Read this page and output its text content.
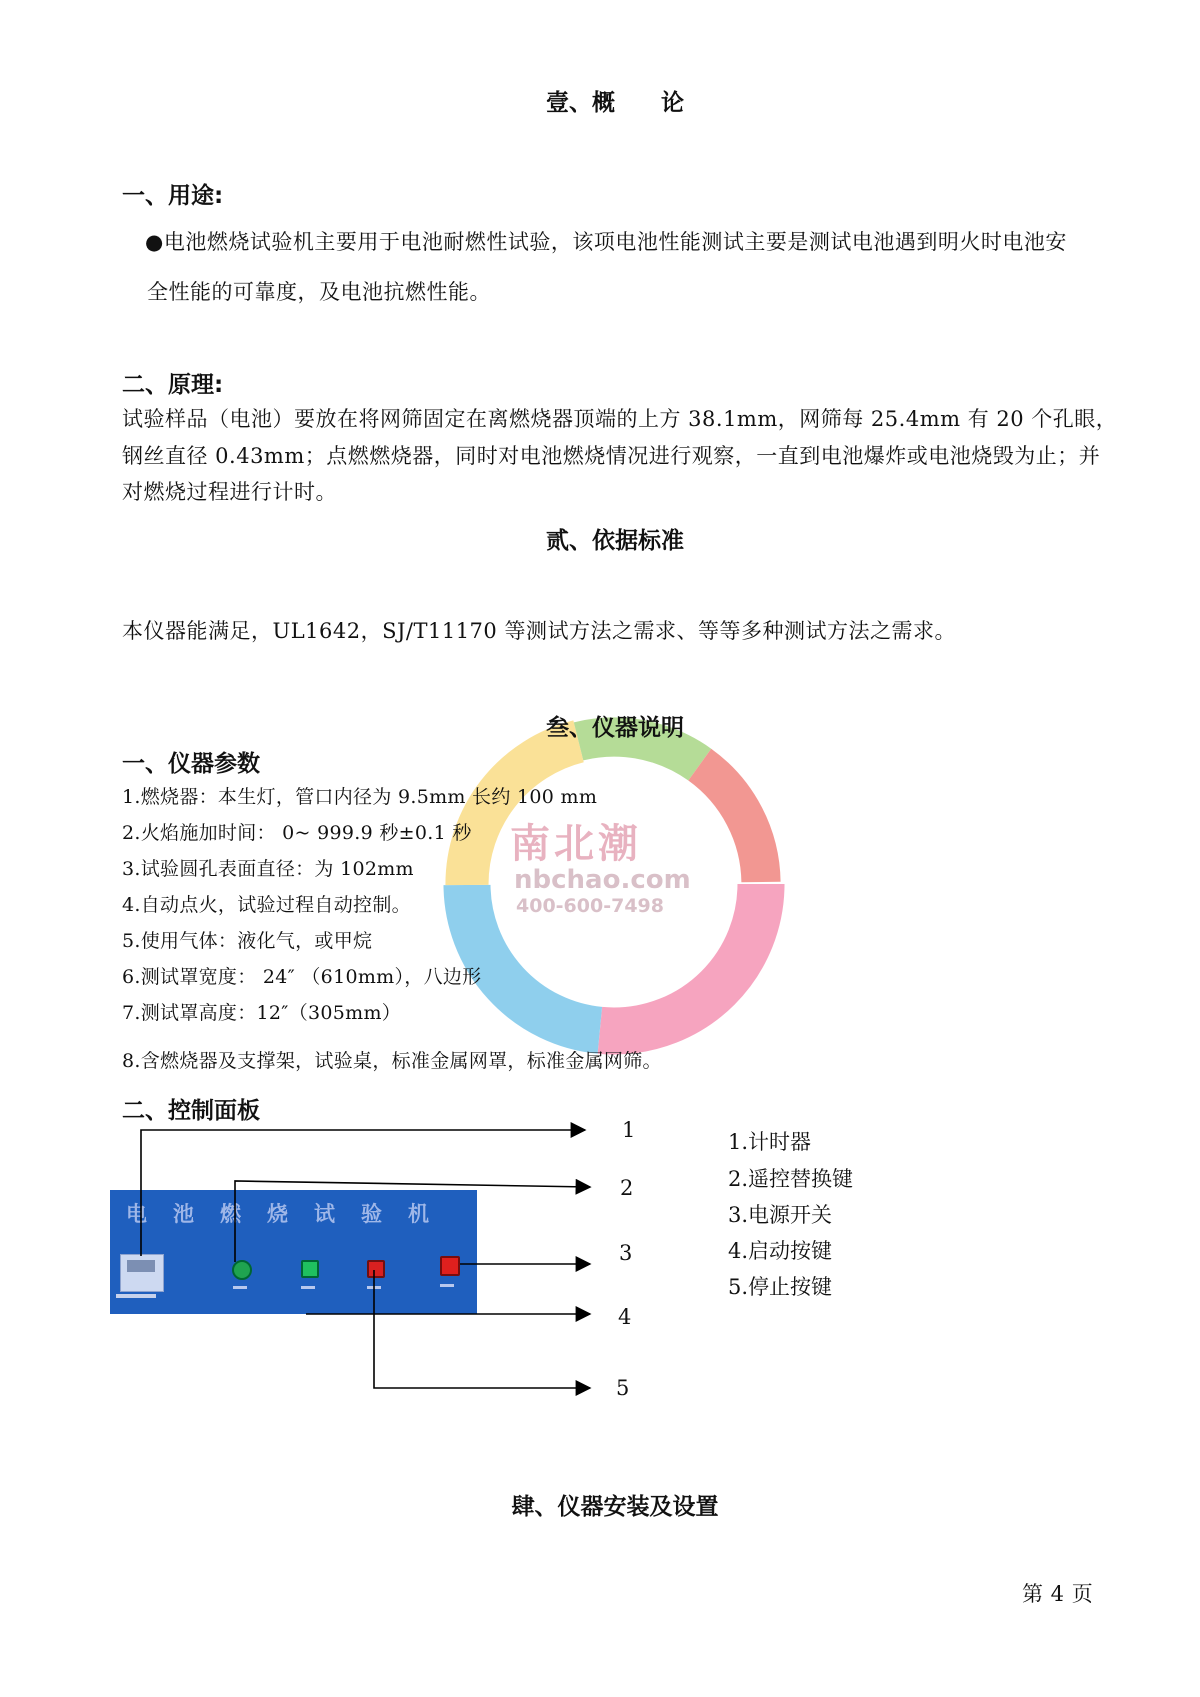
南北潮
nbchao.com
400-600-7498
壹、概　　论
一、用途:
●电池燃烧试验机主要用于电池耐燃性试验，该项电池性能测试主要是测试电池遇到明火时电池安
全性能的可靠度，及电池抗燃性能。
二、原理:
试验样品（电池）要放在将网筛固定在离燃烧器顶端的上方 38.1mm，网筛每 25.4mm 有 20 个孔眼，
钢丝直径 0.43mm；点燃燃烧器，同时对电池燃烧情况进行观察，一直到电池爆炸或电池烧毁为止；并
对燃烧过程进行计时。
贰、依据标准
本仪器能满足，UL1642，SJ/T11170 等测试方法之需求、等等多种测试方法之需求。
叁、仪器说明
一、仪器参数
1.燃烧器：本生灯，管口内径为 9.5mm 长约 100 mm
2.火焰施加时间： 0~ 999.9 秒±0.1 秒
3.试验圆孔表面直径：为 102mm
4.自动点火，试验过程自动控制。
5.使用气体：液化气，或甲烷
6.测试罩宽度： 24″ （610mm），八边形
7.测试罩高度：12″（305mm）
8.含燃烧器及支撑架，试验桌，标准金属网罩，标准金属网筛。
二、控制面板
电池燃烧试验机
1
2
3
4
5
1.计时器
2.遥控替换键
3.电源开关
4.启动按键
5.停止按键
肆、仪器安装及设置
第 4 页
